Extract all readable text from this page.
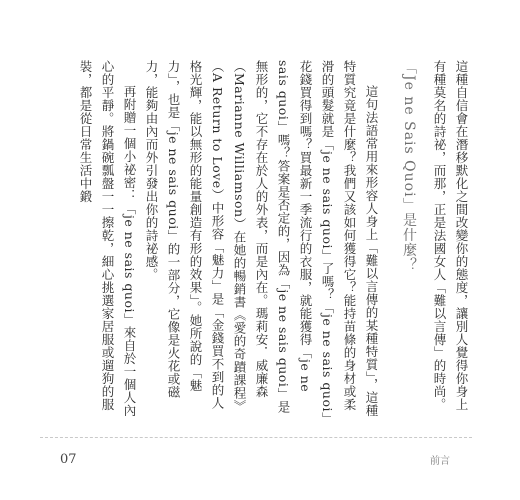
這種自信會在潛移默化之間改變你的態度，讓別人覺得你身上有種莫名的詩祕，而那，正是法國女人「難以言傳」的時尚。

「Je ne Sais Quoi」是什麼？

這句法語常用來形容人身上「難以言傳的某種特質」，這種特質究竟是什麼？我們又該如何獲得它？能持苗條的身材或柔滑的頭髮就是「je ne sais quoi」了嗎？「je ne sais quoi」花錢買得到嗎？買最新一季流行的衣服，就能獲得「je ne sais quoi」嗎？答案是否定的，因為「je ne sais quoi」是無形的，它不存在於人的外表，而是內在。瑪莉安．威廉森（Marianne Williamson）在她的暢銷書《愛的奇蹟課程》（A Return to Love）中形容「魅力」是「金錢買不到的人格光輝，能以無形的能量創造有形的效果」。她所說的「魅力」，也是「je ne sais quoi」的一部分，它像是火花或磁力，能夠由內而外引發出你的詩祕感。

再附贈一個小祕密：「je ne sais quoi」來自於一個人內心的平靜。將鍋碗瓢盤一一擦乾，細心挑選家居服或遛狗的服裝，都是從日常生活中鍛

07	前言
